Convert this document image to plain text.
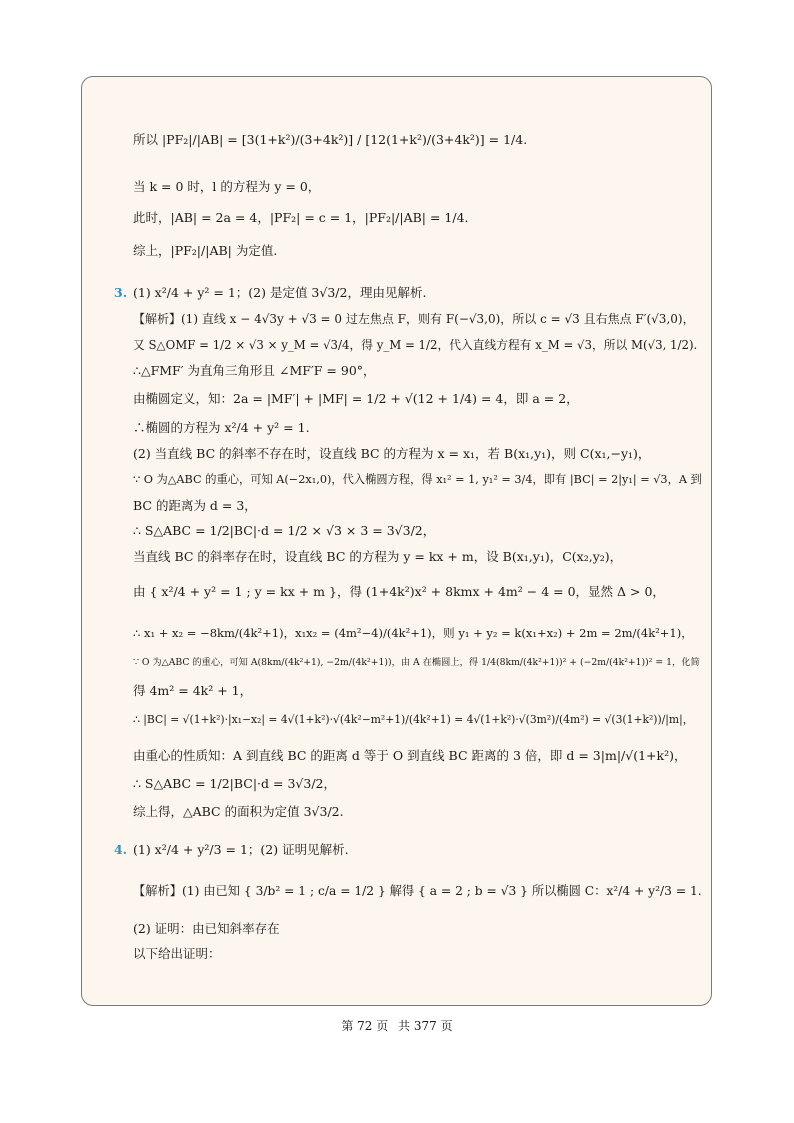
所以 |PF₂|/|AB| = [3(1+k²)/(3+4k²)] / [12(1+k²)/(3+4k²)] = 1/4.
当 k = 0 时，l 的方程为 y = 0，
此时，|AB| = 2a = 4，|PF₂| = c = 1，|PF₂|/|AB| = 1/4.
综上，|PF₂|/|AB| 为定值.
(1) x²/4 + y² = 1；(2) 是定值 3√3/2，理由见解析.
【解析】(1) 直线 x − 4√3y + √3 = 0 过左焦点 F，则有 F(−√3,0)，所以 c = √3 且右焦点 F′(√3,0)，
又 S△OMF = 1/2 × √3 × y_M = √3/4，得 y_M = 1/2，代入直线方程有 x_M = √3，所以 M(√3, 1/2).
∴△FMF′ 为直角三角形且 ∠MF′F = 90°，
由椭圆定义，知：2a = |MF′| + |MF| = 1/2 + √(12 + 1/4) = 4，即 a = 2，
∴椭圆的方程为 x²/4 + y² = 1.
(2) 当直线 BC 的斜率不存在时，设直线 BC 的方程为 x = x₁，若 B(x₁,y₁)，则 C(x₁,−y₁)，
∵ O 为△ABC 的重心，可知 A(−2x₁,0)，代入椭圆方程，得 x₁² = 1, y₁² = 3/4，即有 |BC| = 2|y₁| = √3，A 到
BC 的距离为 d = 3，
∴ S△ABC = 1/2|BC|·d = 1/2 × √3 × 3 = 3√3/2，
当直线 BC 的斜率存在时，设直线 BC 的方程为 y = kx + m，设 B(x₁,y₁)，C(x₂,y₂)，
由 { x²/4 + y² = 1 ; y = kx + m }，得 (1+4k²)x² + 8kmx + 4m² − 4 = 0，显然 Δ > 0，
∴ x₁ + x₂ = −8km/(4k²+1)，x₁x₂ = (4m²−4)/(4k²+1)，则 y₁ + y₂ = k(x₁+x₂) + 2m = 2m/(4k²+1)，
∵ O 为△ABC 的重心，可知 A(8km/(4k²+1), −2m/(4k²+1))，由 A 在椭圆上，得 1/4(8km/(4k²+1))² + (−2m/(4k²+1))² = 1，化简
得 4m² = 4k² + 1，
∴ |BC| = √(1+k²)·|x₁−x₂| = 4√(1+k²)·√(4k²−m²+1)/(4k²+1) = 4√(1+k²)·√(3m²)/(4m²) = √(3(1+k²))/|m|，
由重心的性质知：A 到直线 BC 的距离 d 等于 O 到直线 BC 距离的 3 倍，即 d = 3|m|/√(1+k²)，
∴ S△ABC = 1/2|BC|·d = 3√3/2，
综上得，△ABC 的面积为定值 3√3/2.
(1) x²/4 + y²/3 = 1；(2) 证明见解析.
【解析】(1) 由已知 { 3/b² = 1 ; c/a = 1/2 } 解得 { a = 2 ; b = √3 } 所以椭圆 C：x²/4 + y²/3 = 1.
(2) 证明：由已知斜率存在
以下给出证明：
3.
4.
第 72 页 共 377 页
